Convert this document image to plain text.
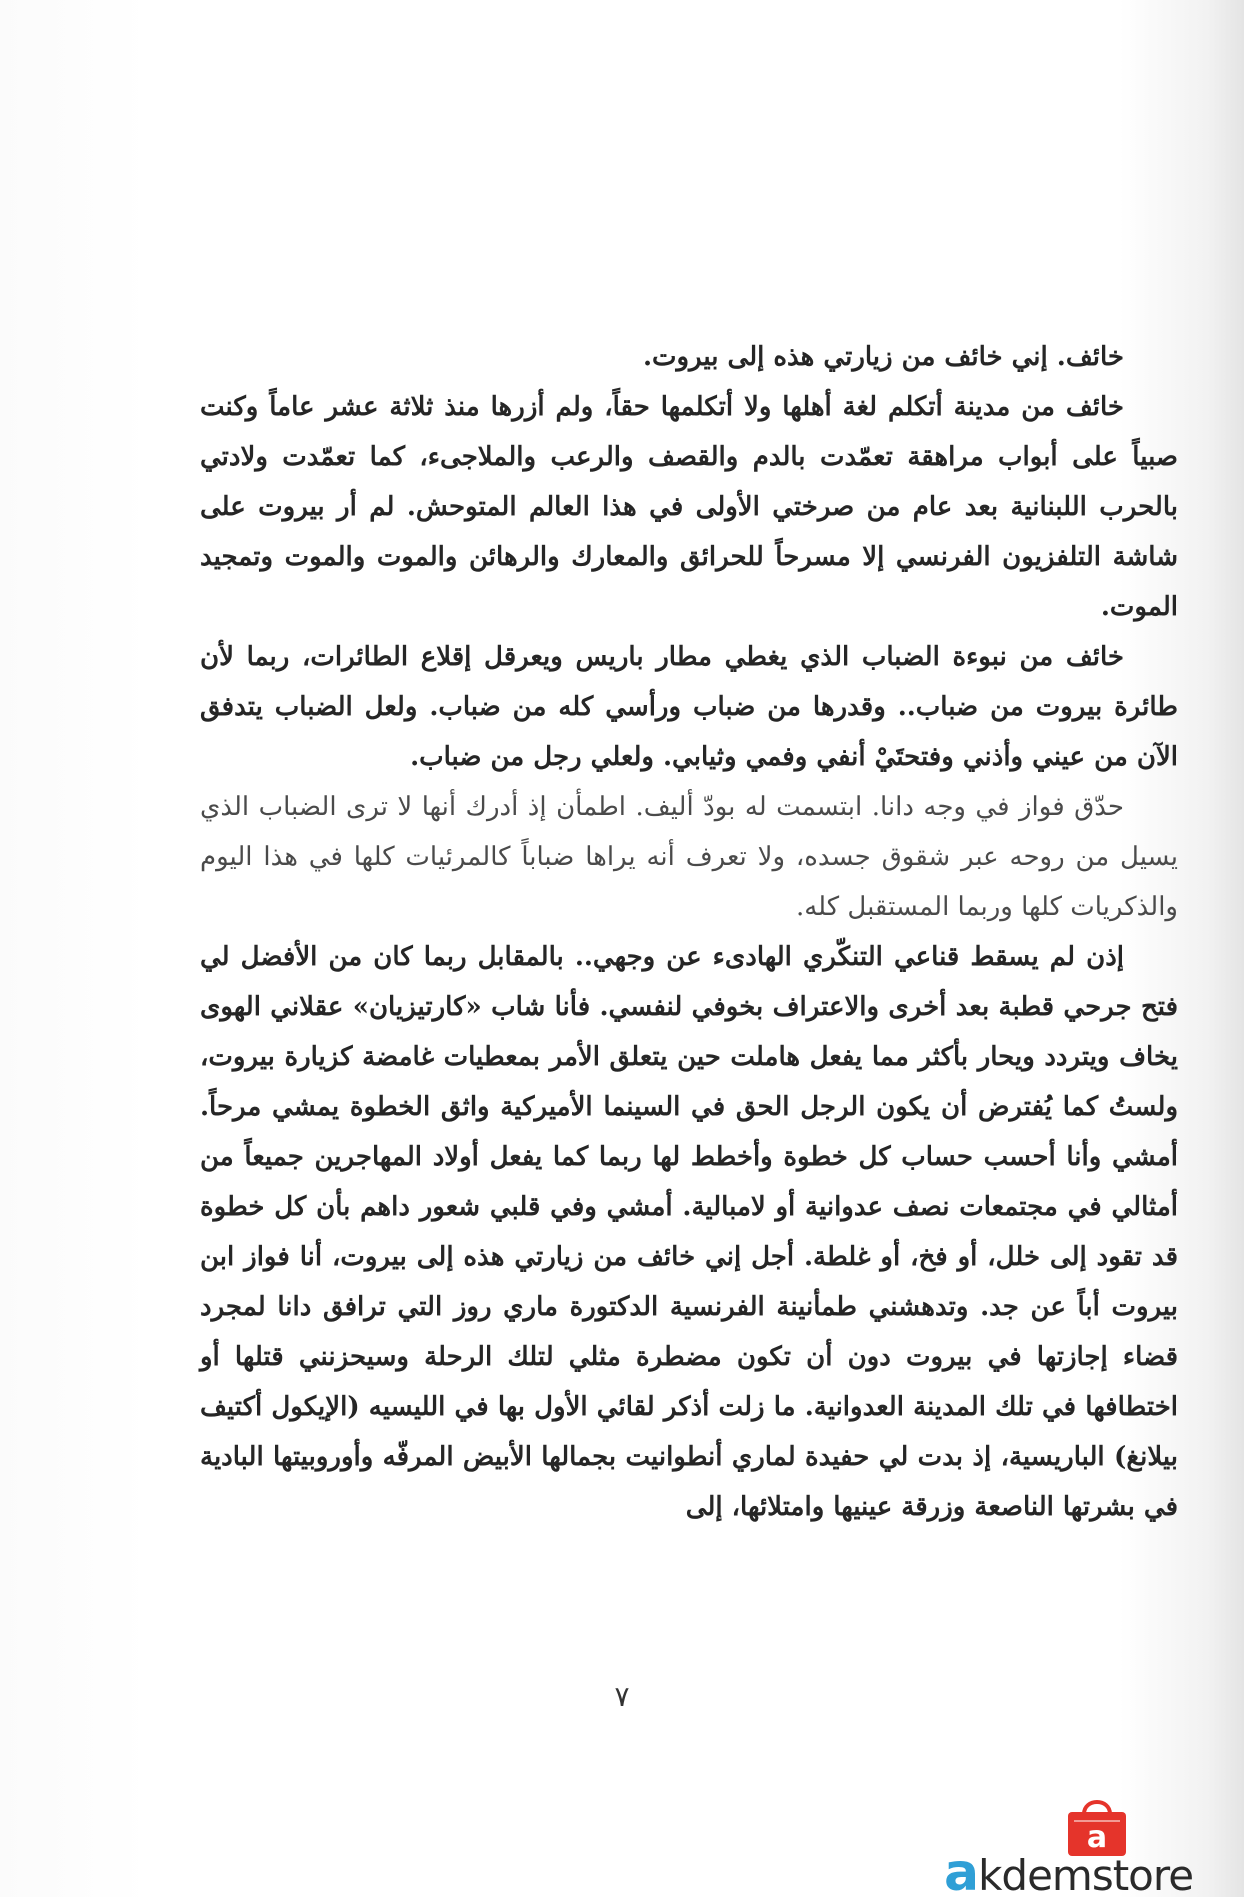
خائف. إني خائف من زيارتي هذه إلى بيروت.

خائف من مدينة أتكلم لغة أهلها ولا أتكلمها حقاً، ولم أزرها منذ ثلاثة عشر عاماً وكنت صبياً على أبواب مراهقة تعمّدت بالدم والقصف والرعب والملاجىء، كما تعمّدت ولادتي بالحرب اللبنانية بعد عام من صرختي الأولى في هذا العالم المتوحش. لم أر بيروت على شاشة التلفزيون الفرنسي إلا مسرحاً للحرائق والمعارك والرهائن والموت والموت وتمجيد الموت.

خائف من نبوءة الضباب الذي يغطي مطار باريس ويعرقل إقلاع الطائرات، ربما لأن طائرة بيروت من ضباب.. وقدرها من ضباب ورأسي كله من ضباب. ولعل الضباب يتدفق الآن من عيني وأذني وفتحتَيْ أنفي وفمي وثيابي. ولعلي رجل من ضباب.

حدّق فواز في وجه دانا. ابتسمت له بودّ أليف. اطمأن إذ أدرك أنها لا ترى الضباب الذي يسيل من روحه عبر شقوق جسده، ولا تعرف أنه يراها ضباباً كالمرئيات كلها في هذا اليوم والذكريات كلها وربما المستقبل كله.

إذن لم يسقط قناعي التنكّري الهادىء عن وجهي.. بالمقابل ربما كان من الأفضل لي فتح جرحي قطبة بعد أخرى والاعتراف بخوفي لنفسي. فأنا شاب «كارتيزيان» عقلاني الهوى يخاف ويتردد ويحار بأكثر مما يفعل هاملت حين يتعلق الأمر بمعطيات غامضة كزيارة بيروت، ولستُ كما يُفترض أن يكون الرجل الحق في السينما الأميركية واثق الخطوة يمشي مرحاً. أمشي وأنا أحسب حساب كل خطوة وأخطط لها ربما كما يفعل أولاد المهاجرين جميعاً من أمثالي في مجتمعات نصف عدوانية أو لامبالية. أمشي وفي قلبي شعور داهم بأن كل خطوة قد تقود إلى خلل، أو فخ، أو غلطة. أجل إني خائف من زيارتي هذه إلى بيروت، أنا فواز ابن بيروت أباً عن جد. وتدهشني طمأنينة الفرنسية الدكتورة ماري روز التي ترافق دانا لمجرد قضاء إجازتها في بيروت دون أن تكون مضطرة مثلي لتلك الرحلة وسيحزنني قتلها أو اختطافها في تلك المدينة العدوانية. ما زلت أذكر لقائي الأول بها في الليسيه (الإيكول أكتيف بيلانغ) الباريسية، إذ بدت لي حفيدة لماري أنطوانيت بجمالها الأبيض المرفّه وأوروبيتها البادية في بشرتها الناصعة وزرقة عينيها وامتلائها، إلى

٧
a
akdemstore
